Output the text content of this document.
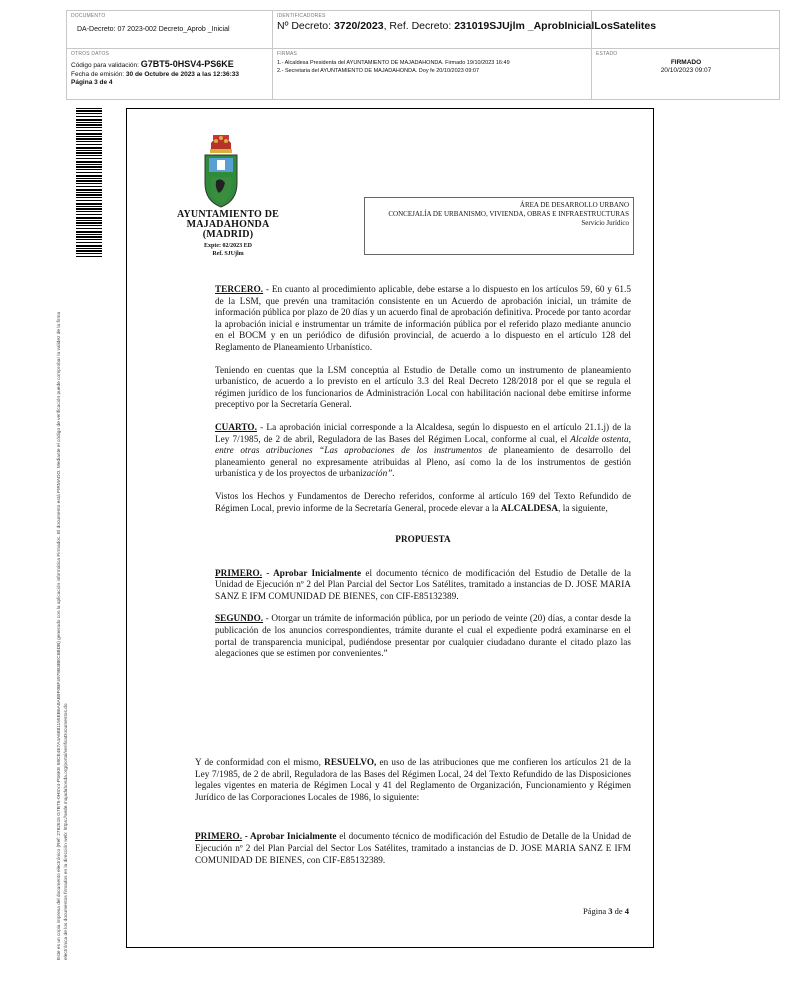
DOCUMENTO
DA-Decreto: 07 2023-002 Decreto_Aprob _Inicial
IDENTIFICADORES
Nº Decreto: 3720/2023, Ref. Decreto: 231019SJUjlm _AprobInicialLosSatelites
OTROS DATOS
Código para validación: G7BT5-0HSV4-PS6KE
Fecha de emisión: 30 de Octubre de 2023 a las 12:36:33
Página 3 de 4
FIRMAS
1.- Alcaldesa Presidenta del AYUNTAMIENTO DE MAJADAHONDA. Firmado 19/10/2023 16:49
2.- Secretaria del AYUNTAMIENTO DE MAJADAHONDA. Doy fe 20/10/2023 09:07
ESTADO
FIRMADO
20/10/2023 09:07
Este es un copia impresa del documento electrónico (Ref: 2782615 G7BT5-0HSV4-PS6KE 58CE4E7A4A6881155EB6A8AB9F0BF4979B3BEC6BDB) generado con la aplicación informática Firmadoc. El documento está FIRMADO. Mediante el código de verificación puede comprobar la validez de la firma electrónica de los documentos firmados en la dirección web: https://sede.majadahonda.org/portal/verificaDocumentos.do
AYUNTAMIENTO DE
MAJADAHONDA
(MADRID)
Expte: 02/2023 ED
Ref. SJUjlm
ÁREA DE DESARROLLO URBANO
CONCEJALÍA DE URBANISMO, VIVIENDA, OBRAS E INFRAESTRUCTURAS
Servicio Jurídico

TERCERO. - En cuanto al procedimiento aplicable, debe estarse a lo dispuesto en los artículos 59, 60 y 61.5 de la LSM, que prevén una tramitación consistente en un Acuerdo de aprobación inicial, un trámite de información pública por plazo de 20 días y un acuerdo final de aprobación definitiva. Procede por tanto acordar la aprobación inicial e instrumentar un trámite de información pública por el referido plazo mediante anuncio en el BOCM y en un periódico de difusión provincial, de acuerdo a lo dispuesto en el artículo 128 del Reglamento de Planeamiento Urbanístico.

Teniendo en cuentas que la LSM conceptúa al Estudio de Detalle como un instrumento de planeamiento urbanístico, de acuerdo a lo previsto en el artículo 3.3 del Real Decreto 128/2018 por el que se regula el régimen jurídico de los funcionarios de Administración Local con habilitación nacional debe emitirse informe preceptivo por la Secretaría General.

CUARTO. - La aprobación inicial corresponde a la Alcaldesa, según lo dispuesto en el artículo 21.1.j) de la Ley 7/1985, de 2 de abril, Reguladora de las Bases del Régimen Local, conforme al cual, el Alcalde ostenta, entre otras atribuciones “Las aprobaciones de los instrumentos de planeamiento de desarrollo del planeamiento general no expresamente atribuidas al Pleno, así como la de los instrumentos de gestión urbanística y de los proyectos de urbanización”.

Vistos los Hechos y Fundamentos de Derecho referidos, conforme al artículo 169 del Texto Refundido de Régimen Local, previo informe de la Secretaría General, procede elevar a la ALCALDESA, la siguiente,

PROPUESTA

PRIMERO. - Aprobar Inicialmente el documento técnico de modificación del Estudio de Detalle de la Unidad de Ejecución nº 2 del Plan Parcial del Sector Los Satélites, tramitado a instancias de D. JOSE MARIA SANZ E IFM COMUNIDAD DE BIENES, con CIF-E85132389.

SEGUNDO. - Otorgar un trámite de información pública, por un periodo de veinte (20) días, a contar desde la publicación de los anuncios correspondientes, trámite durante el cual el expediente podrá examinarse en el portal de transparencia municipal, pudiéndose presentar por cualquier ciudadano durante el citado plazo las alegaciones que se estimen por convenientes.”

Y de conformidad con el mismo, RESUELVO, en uso de las atribuciones que me confieren los artículos 21 de la Ley 7/1985, de 2 de abril, Reguladora de las Bases del Régimen Local, 24 del Texto Refundido de las Disposiciones legales vigentes en materia de Régimen Local y 41 del Reglamento de Organización, Funcionamiento y Régimen Jurídico de las Corporaciones Locales de 1986, lo siguiente:

PRIMERO. - Aprobar Inicialmente el documento técnico de modificación del Estudio de Detalle de la Unidad de Ejecución nº 2 del Plan Parcial del Sector Los Satélites, tramitado a instancias de D. JOSE MARIA SANZ E IFM COMUNIDAD DE BIENES, con CIF-E85132389.

Página 3 de 4
